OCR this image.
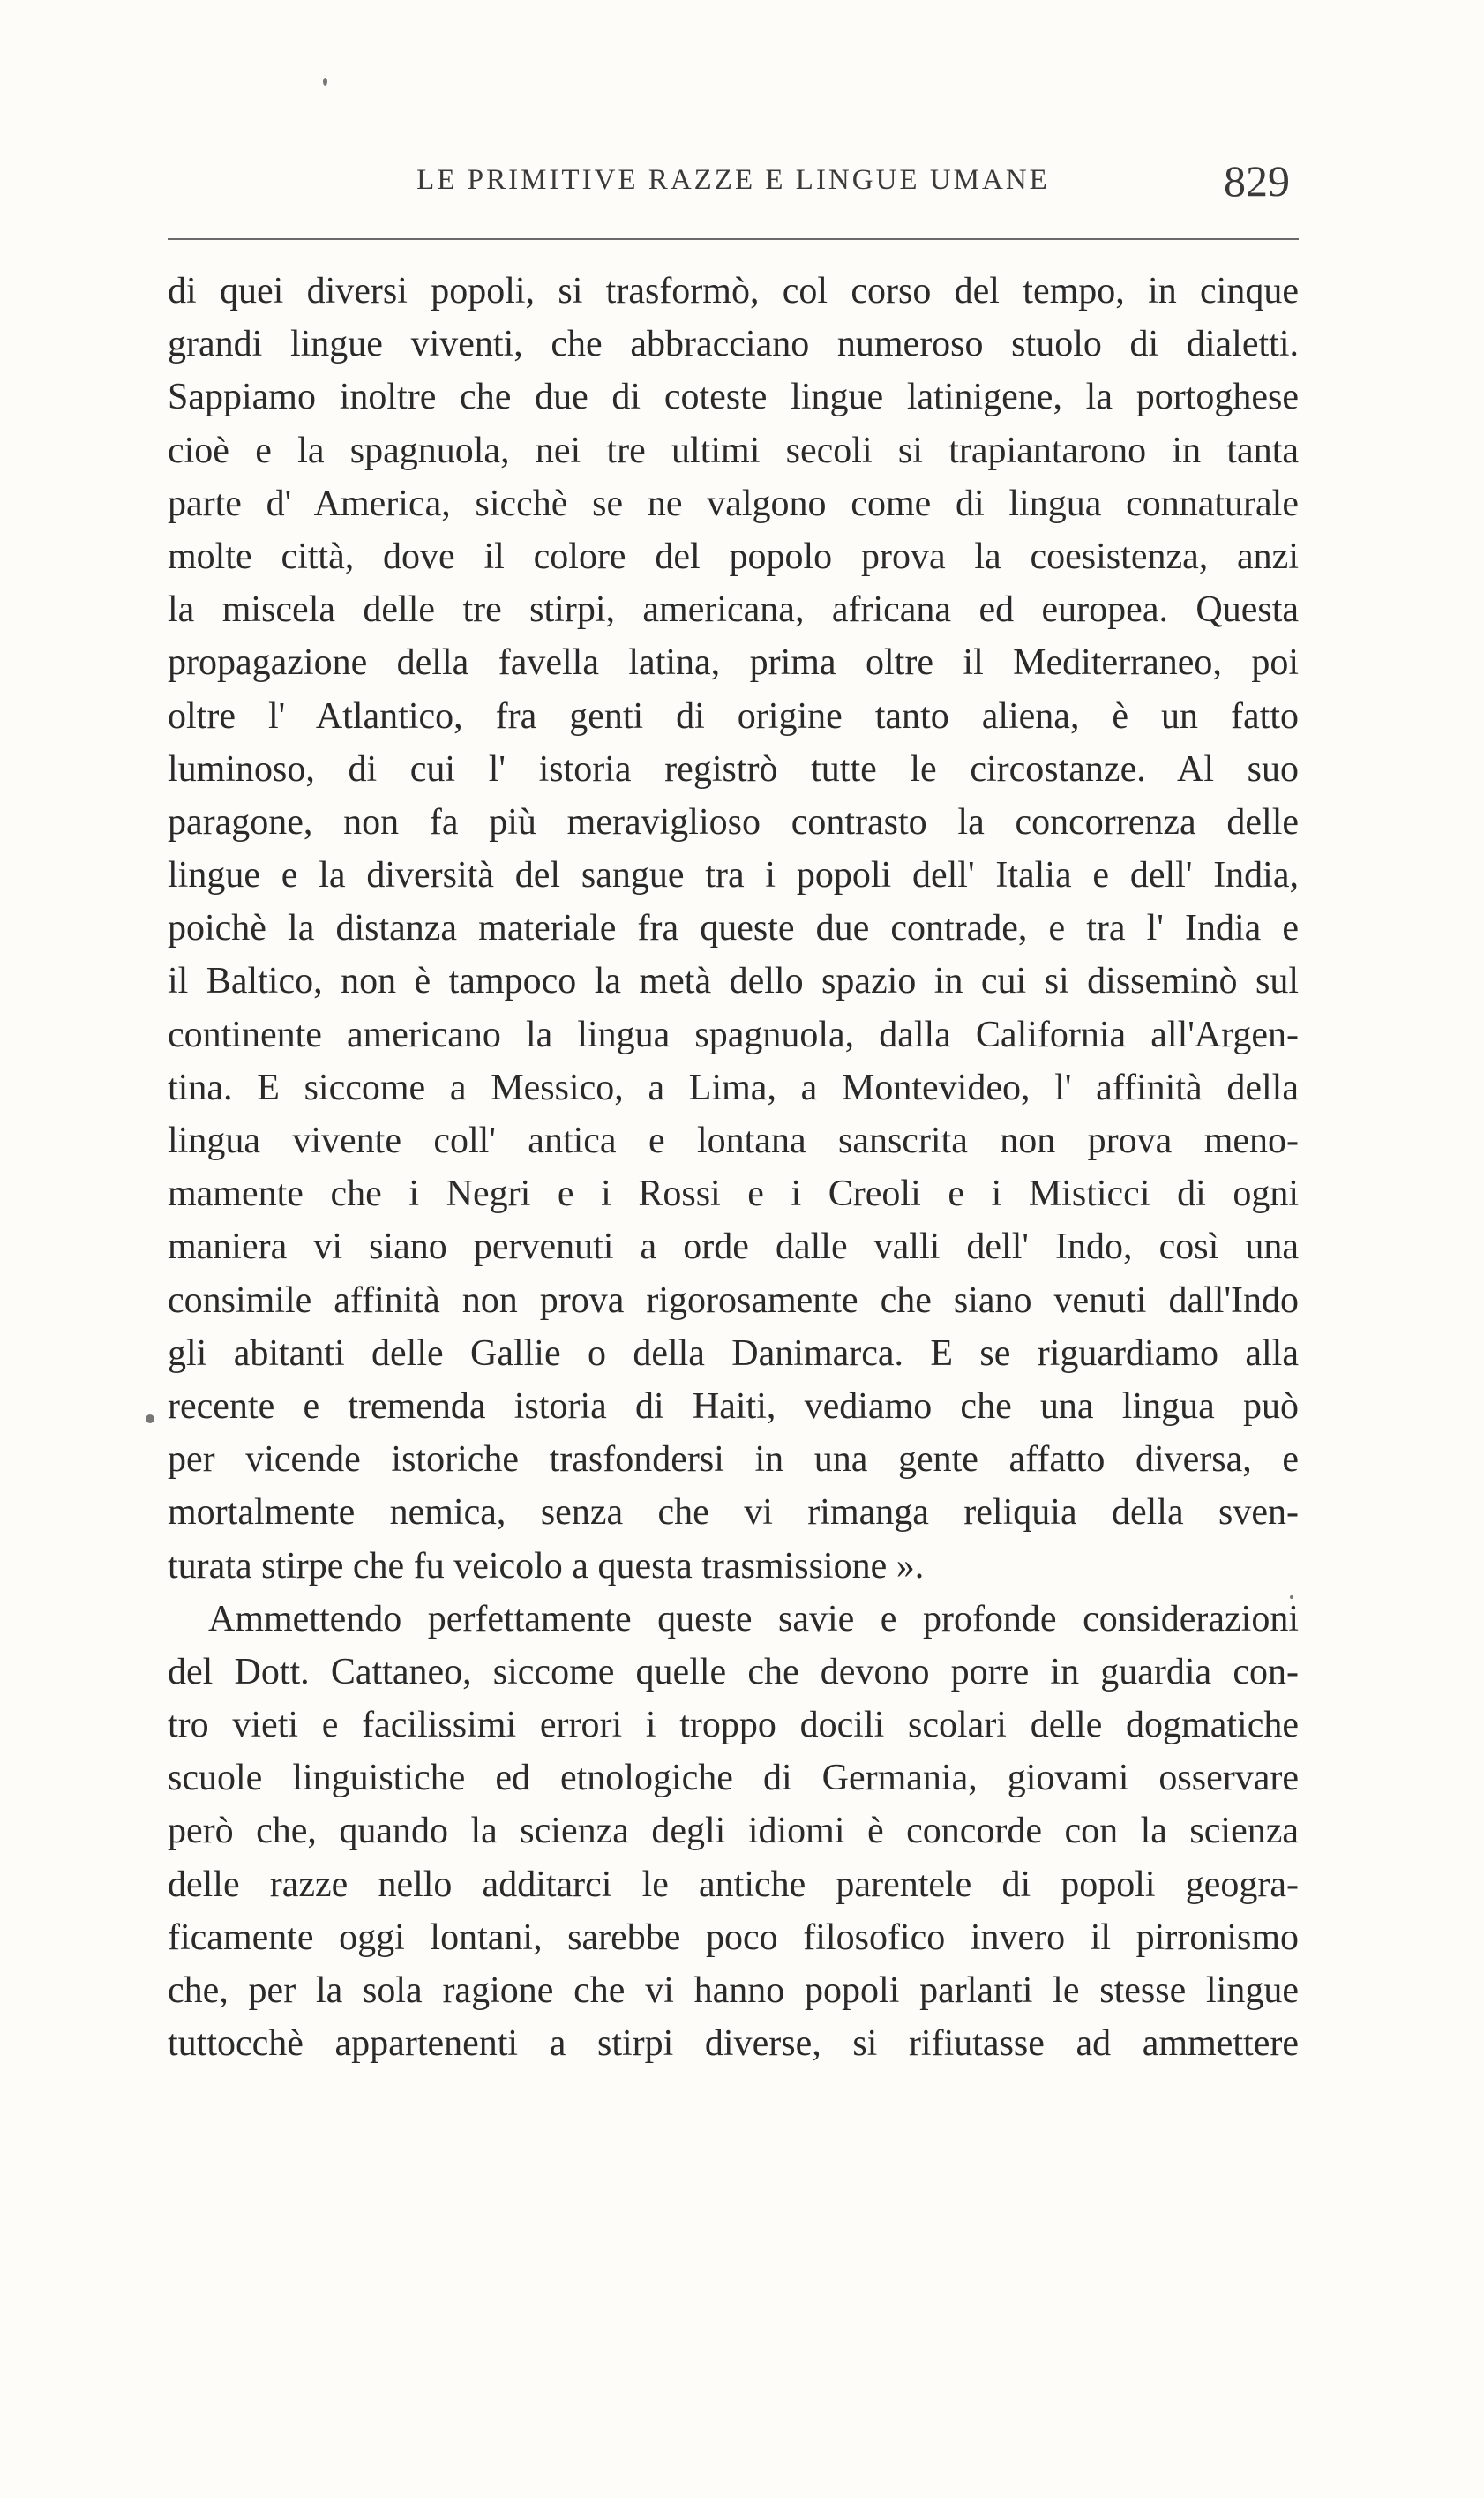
LE PRIMITIVE RAZZE E LINGUE UMANE	829
di quei diversi popoli, si trasformò, col corso del tempo, in cinque
grandi lingue viventi, che abbracciano numeroso stuolo di dialetti.
Sappiamo inoltre che due di coteste lingue latinigene, la portoghese
cioè e la spagnuola, nei tre ultimi secoli si trapiantarono in tanta
parte d' America, sicchè se ne valgono come di lingua connaturale
molte città, dove il colore del popolo prova la coesistenza, anzi
la miscela delle tre stirpi, americana, africana ed europea. Questa
propagazione della favella latina, prima oltre il Mediterraneo, poi
oltre l' Atlantico, fra genti di origine tanto aliena, è un fatto
luminoso, di cui l' istoria registrò tutte le circostanze. Al suo
paragone, non fa più meraviglioso contrasto la concorrenza delle
lingue e la diversità del sangue tra i popoli dell' Italia e dell' India,
poichè la distanza materiale fra queste due contrade, e tra l' India e
il Baltico, non è tampoco la metà dello spazio in cui si disseminò sul
continente americano la lingua spagnuola, dalla California all'Argen-
tina. E siccome a Messico, a Lima, a Montevideo, l' affinità della
lingua vivente coll' antica e lontana sanscrita non prova meno-
mamente che i Negri e i Rossi e i Creoli e i Misticci di ogni
maniera vi siano pervenuti a orde dalle valli dell' Indo, così una
consimile affinità non prova rigorosamente che siano venuti dall'Indo
gli abitanti delle Gallie o della Danimarca. E se riguardiamo alla
recente e tremenda istoria di Haiti, vediamo che una lingua può
per vicende istoriche trasfondersi in una gente affatto diversa, e
mortalmente nemica, senza che vi rimanga reliquia della sven-
turata stirpe che fu veicolo a questa trasmissione ».
Ammettendo perfettamente queste savie e profonde considerazioni
del Dott. Cattaneo, siccome quelle che devono porre in guardia con-
tro vieti e facilissimi errori i troppo docili scolari delle dogmatiche
scuole linguistiche ed etnologiche di Germania, giovami osservare
però che, quando la scienza degli idiomi è concorde con la scienza
delle razze nello additarci le antiche parentele di popoli geogra-
ficamente oggi lontani, sarebbe poco filosofico invero il pirronismo
che, per la sola ragione che vi hanno popoli parlanti le stesse lingue
tuttocchè appartenenti a stirpi diverse, si rifiutasse ad ammettere
